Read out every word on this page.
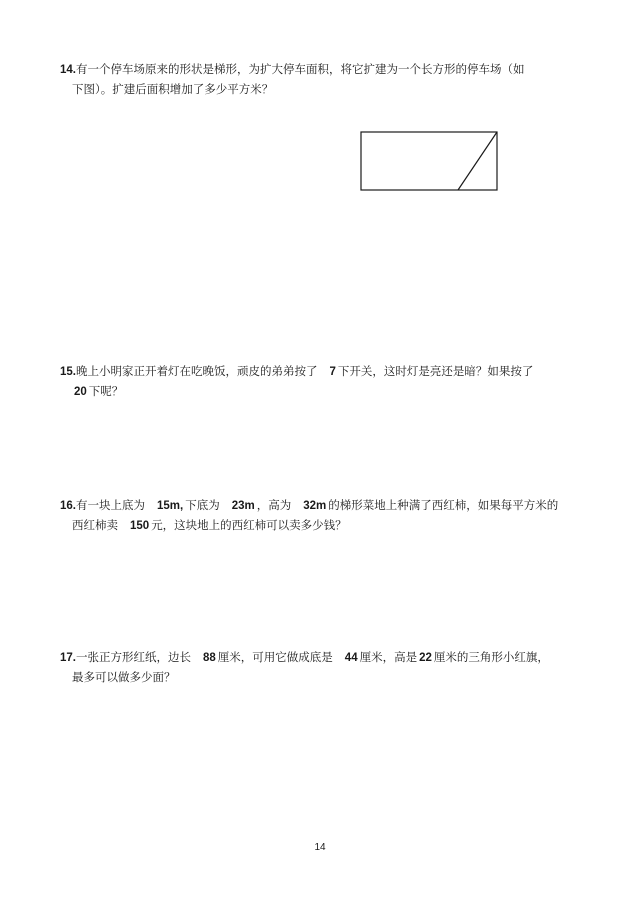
14.有一个停车场原来的形状是梯形，为扩大停车面积，将它扩建为一个长方形的停车场（如
下图）。扩建后面积增加了多少平方米？
15.晚上小明家正开着灯在吃晚饭，顽皮的弟弟按了 7 下开关，这时灯是亮还是暗？如果按了
20 下呢？
16.有一块上底为 15m, 下底为 23m ，高为 32m 的梯形菜地上种满了西红柿，如果每平方米的
西红柿卖 150 元，这块地上的西红柿可以卖多少钱？
17.一张正方形红纸，边长 88 厘米，可用它做成底是 44 厘米，高是 22 厘米的三角形小红旗，
最多可以做多少面？
14
